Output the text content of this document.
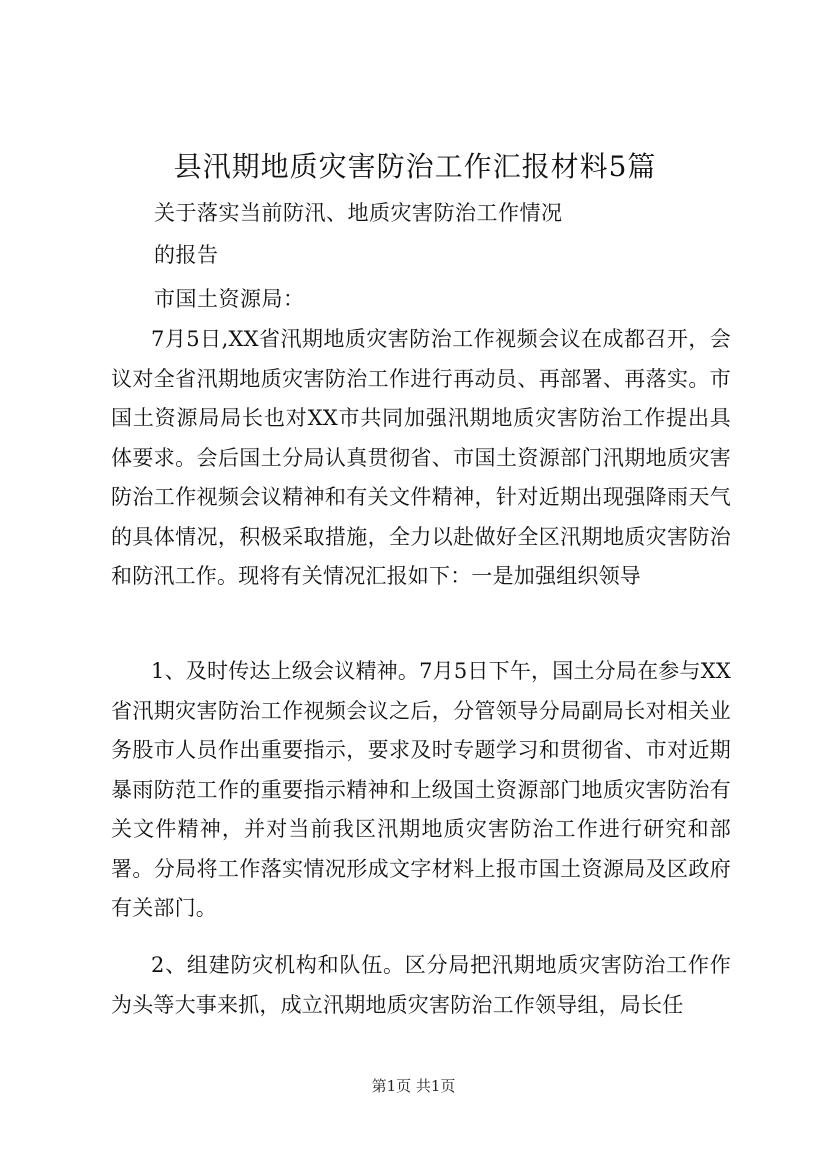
县汛期地质灾害防治工作汇报材料5篇

关于落实当前防汛、地质灾害防治工作情况

的报告

市国土资源局：

7月5日,XX省汛期地质灾害防治工作视频会议在成都召开，会议对全省汛期地质灾害防治工作进行再动员、再部署、再落实。市国土资源局局长也对XX市共同加强汛期地质灾害防治工作提出具体要求。会后国土分局认真贯彻省、市国土资源部门汛期地质灾害防治工作视频会议精神和有关文件精神，针对近期出现强降雨天气的具体情况，积极采取措施，全力以赴做好全区汛期地质灾害防治和防汛工作。现将有关情况汇报如下：一是加强组织领导

1、及时传达上级会议精神。7月5日下午，国土分局在参与XX省汛期灾害防治工作视频会议之后，分管领导分局副局长对相关业务股市人员作出重要指示，要求及时专题学习和贯彻省、市对近期暴雨防范工作的重要指示精神和上级国土资源部门地质灾害防治有关文件精神，并对当前我区汛期地质灾害防治工作进行研究和部署。分局将工作落实情况形成文字材料上报市国土资源局及区政府有关部门。

2、组建防灾机构和队伍。区分局把汛期地质灾害防治工作作为头等大事来抓，成立汛期地质灾害防治工作领导组，局长任

第1页 共1页
